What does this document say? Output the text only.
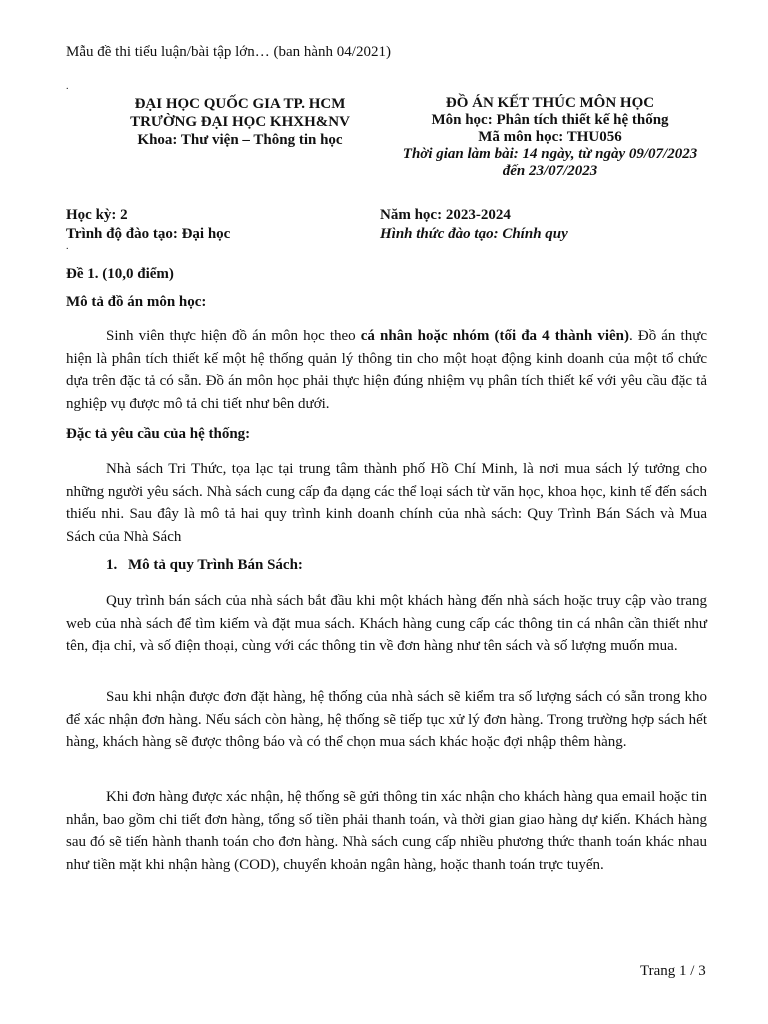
Mẫu đề thi tiểu luận/bài tập lớn… (ban hành 04/2021)
.
ĐẠI HỌC QUỐC GIA TP. HCM
TRƯỜNG ĐẠI HỌC KHXH&NV
Khoa: Thư viện – Thông tin học
ĐỒ ÁN KẾT THÚC MÔN HỌC
Môn học: Phân tích thiết kế hệ thống
Mã môn học: THU056
Thời gian làm bài: 14 ngày, từ ngày 09/07/2023
đến 23/07/2023
Học kỳ: 2	Năm học: 2023-2024
Trình độ đào tạo: Đại học	Hình thức đào tạo: Chính quy
.
Đề 1. (10,0 điểm)
Mô tả đồ án môn học:
Sinh viên thực hiện đồ án môn học theo cá nhân hoặc nhóm (tối đa 4 thành viên). Đồ án thực hiện là phân tích thiết kế một hệ thống quản lý thông tin cho một hoạt động kinh doanh của một tổ chức dựa trên đặc tả có sẵn. Đồ án môn học phải thực hiện đúng nhiệm vụ phân tích thiết kế với yêu cầu đặc tả nghiệp vụ được mô tả chi tiết như bên dưới.
Đặc tả yêu cầu của hệ thống:
Nhà sách Tri Thức, tọa lạc tại trung tâm thành phố Hồ Chí Minh, là nơi mua sách lý tưởng cho những người yêu sách. Nhà sách cung cấp đa dạng các thể loại sách từ văn học, khoa học, kinh tế đến sách thiếu nhi. Sau đây là mô tả hai quy trình kinh doanh chính của nhà sách: Quy Trình Bán Sách và Mua Sách của Nhà Sách
1. Mô tả quy Trình Bán Sách:
Quy trình bán sách của nhà sách bắt đầu khi một khách hàng đến nhà sách hoặc truy cập vào trang web của nhà sách để tìm kiếm và đặt mua sách. Khách hàng cung cấp các thông tin cá nhân cần thiết như tên, địa chỉ, và số điện thoại, cùng với các thông tin về đơn hàng như tên sách và số lượng muốn mua.
Sau khi nhận được đơn đặt hàng, hệ thống của nhà sách sẽ kiểm tra số lượng sách có sẵn trong kho để xác nhận đơn hàng. Nếu sách còn hàng, hệ thống sẽ tiếp tục xử lý đơn hàng. Trong trường hợp sách hết hàng, khách hàng sẽ được thông báo và có thể chọn mua sách khác hoặc đợi nhập thêm hàng.
Khi đơn hàng được xác nhận, hệ thống sẽ gửi thông tin xác nhận cho khách hàng qua email hoặc tin nhắn, bao gồm chi tiết đơn hàng, tổng số tiền phải thanh toán, và thời gian giao hàng dự kiến. Khách hàng sau đó sẽ tiến hành thanh toán cho đơn hàng. Nhà sách cung cấp nhiều phương thức thanh toán khác nhau như tiền mặt khi nhận hàng (COD), chuyển khoản ngân hàng, hoặc thanh toán trực tuyến.
Trang 1 / 3
